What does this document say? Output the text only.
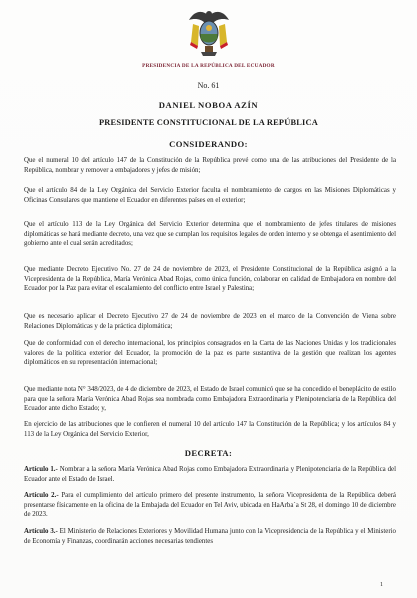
PRESIDENCIA DE LA REPÚBLICA DEL ECUADOR
No. 61
DANIEL NOBOA AZÍN
PRESIDENTE CONSTITUCIONAL DE LA REPÚBLICA
CONSIDERANDO:
Que el numeral 10 del artículo 147 de la Constitución de la República prevé como una de las atribuciones del Presidente de la República, nombrar y remover a embajadores y jefes de misión;
Que el artículo 84 de la Ley Orgánica del Servicio Exterior faculta el nombramiento de cargos en las Misiones Diplomáticas y Oficinas Consulares que mantiene el Ecuador en diferentes países en el exterior;
Que el artículo 113 de la Ley Orgánica del Servicio Exterior determina que el nombramiento de jefes titulares de misiones diplomáticas se hará mediante decreto, una vez que se cumplan los requisitos legales de orden interno y se obtenga el asentimiento del gobierno ante el cual serán acreditados;
Que mediante Decreto Ejecutivo No. 27 de 24 de noviembre de 2023, el Presidente Constitucional de la República asignó a la Vicepresidenta de la República, María Verónica Abad Rojas, como única función, colaborar en calidad de Embajadora en nombre del Ecuador por la Paz para evitar el escalamiento del conflicto entre Israel y Palestina;
Que es necesario aplicar el Decreto Ejecutivo 27 de 24 de noviembre de 2023 en el marco de la Convención de Viena sobre Relaciones Diplomáticas y de la práctica diplomática;
Que de conformidad con el derecho internacional, los principios consagrados en la Carta de las Naciones Unidas y los tradicionales valores de la política exterior del Ecuador, la promoción de la paz es parte sustantiva de la gestión que realizan los agentes diplomáticos en su representación internacional;
Que mediante nota N° 348/2023, de 4 de diciembre de 2023, el Estado de Israel comunicó que se ha concedido el beneplácito de estilo para que la señora María Verónica Abad Rojas sea nombrada como Embajadora Extraordinaria y Plenipotenciaria de la República del Ecuador ante dicho Estado; y,
En ejercicio de las atribuciones que le confieren el numeral 10 del artículo 147 la Constitución de la República; y los artículos 84 y 113 de la Ley Orgánica del Servicio Exterior,
DECRETA:
Artículo 1.- Nombrar a la señora María Verónica Abad Rojas como Embajadora Extraordinaria y Plenipotenciaria de la República del Ecuador ante el Estado de Israel.
Artículo 2.- Para el cumplimiento del artículo primero del presente instrumento, la señora Vicepresidenta de la República deberá presentarse físicamente en la oficina de la Embajada del Ecuador en Tel Aviv, ubicada en HaArba´a St 28, el domingo 10 de diciembre de 2023.
Artículo 3.- El Ministerio de Relaciones Exteriores y Movilidad Humana junto con la Vicepresidencia de la República y el Ministerio de Economía y Finanzas, coordinarán acciones necesarias tendientes
1
